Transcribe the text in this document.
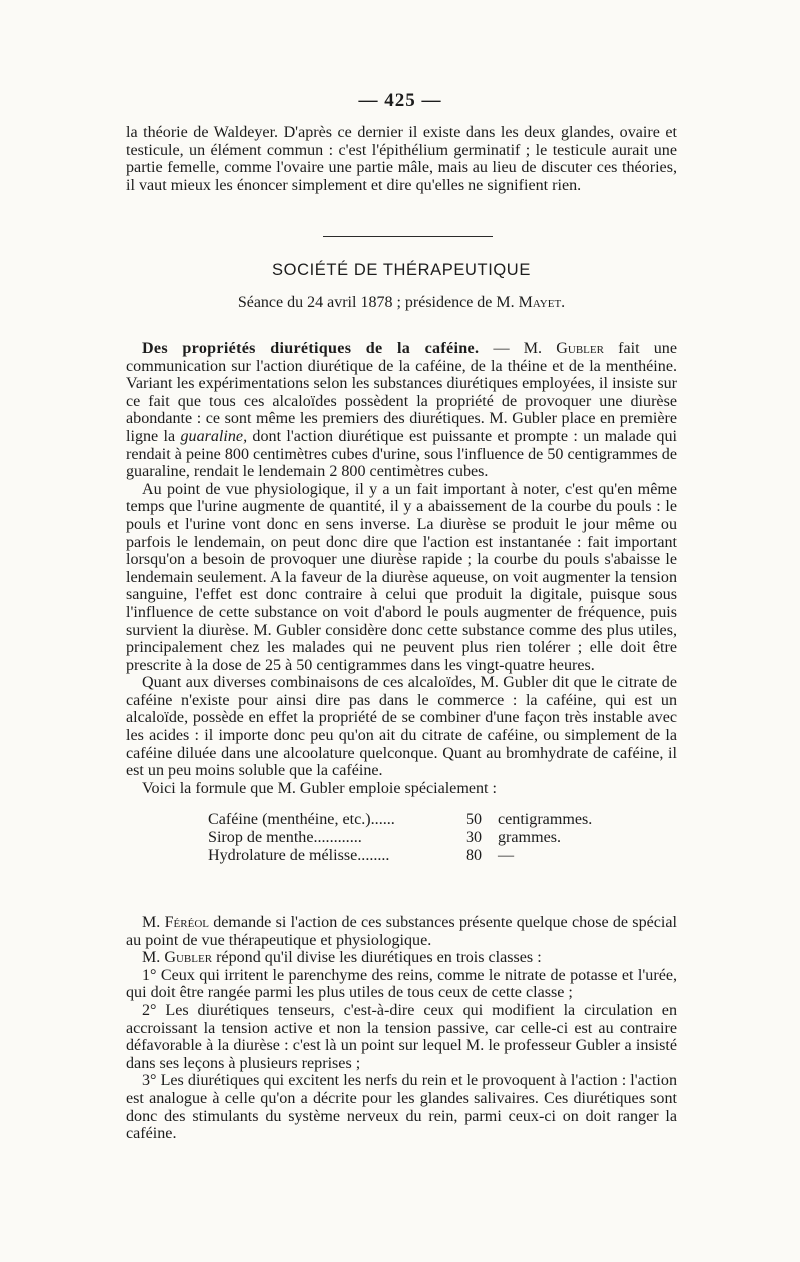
— 425 —

la théorie de Waldeyer. D'après ce dernier il existe dans les deux glandes, ovaire et testicule, un élément commun : c'est l'épithélium germinatif ; le testicule aurait une partie femelle, comme l'ovaire une partie mâle, mais au lieu de discuter ces théories, il vaut mieux les énoncer simplement et dire qu'elles ne signifient rien.

SOCIÉTÉ DE THÉRAPEUTIQUE
Séance du 24 avril 1878 ; présidence de M. Mayet.

Des propriétés diurétiques de la caféine. — M. Gubler fait une communication sur l'action diurétique de la caféine, de la théine et de la menthéine. Variant les expérimentations selon les substances diurétiques employées, il insiste sur ce fait que tous ces alcaloïdes possèdent la propriété de provoquer une diurèse abondante : ce sont même les premiers des diurétiques. M. Gubler place en première ligne la guaraline, dont l'action diurétique est puissante et prompte : un malade qui rendait à peine 800 centimètres cubes d'urine, sous l'influence de 50 centigrammes de guaraline, rendait le lendemain 2 800 centimètres cubes.

Au point de vue physiologique, il y a un fait important à noter, c'est qu'en même temps que l'urine augmente de quantité, il y a abaissement de la courbe du pouls : le pouls et l'urine vont donc en sens inverse. La diurèse se produit le jour même ou parfois le lendemain, on peut donc dire que l'action est instantanée : fait important lorsqu'on a besoin de provoquer une diurèse rapide ; la courbe du pouls s'abaisse le lendemain seulement. A la faveur de la diurèse aqueuse, on voit augmenter la tension sanguine, l'effet est donc contraire à celui que produit la digitale, puisque sous l'influence de cette substance on voit d'abord le pouls augmenter de fréquence, puis survient la diurèse. M. Gubler considère donc cette substance comme des plus utiles, principalement chez les malades qui ne peuvent plus rien tolérer ; elle doit être prescrite à la dose de 25 à 50 centigrammes dans les vingt-quatre heures.

Quant aux diverses combinaisons de ces alcaloïdes, M. Gubler dit que le citrate de caféine n'existe pour ainsi dire pas dans le commerce : la caféine, qui est un alcaloïde, possède en effet la propriété de se combiner d'une façon très instable avec les acides : il importe donc peu qu'on ait du citrate de caféine, ou simplement de la caféine diluée dans une alcoolature quelconque. Quant au bromhydrate de caféine, il est un peu moins soluble que la caféine.

Voici la formule que M. Gubler emploie spécialement :

Caféine (menthéine, etc.)......	50 centigrammes.
Sirop de menthe............	30 grammes.
Hydrolature de mélisse........	80 —

M. Féréol demande si l'action de ces substances présente quelque chose de spécial au point de vue thérapeutique et physiologique.

M. Gubler répond qu'il divise les diurétiques en trois classes :

1° Ceux qui irritent le parenchyme des reins, comme le nitrate de potasse et l'urée, qui doit être rangée parmi les plus utiles de tous ceux de cette classe ;

2° Les diurétiques tenseurs, c'est-à-dire ceux qui modifient la circulation en accroissant la tension active et non la tension passive, car celle-ci est au contraire défavorable à la diurèse : c'est là un point sur lequel M. le professeur Gubler a insisté dans ses leçons à plusieurs reprises ;

3° Les diurétiques qui excitent les nerfs du rein et le provoquent à l'action : l'action est analogue à celle qu'on a décrite pour les glandes salivaires. Ces diurétiques sont donc des stimulants du système nerveux du rein, parmi ceux-ci on doit ranger la caféine.
